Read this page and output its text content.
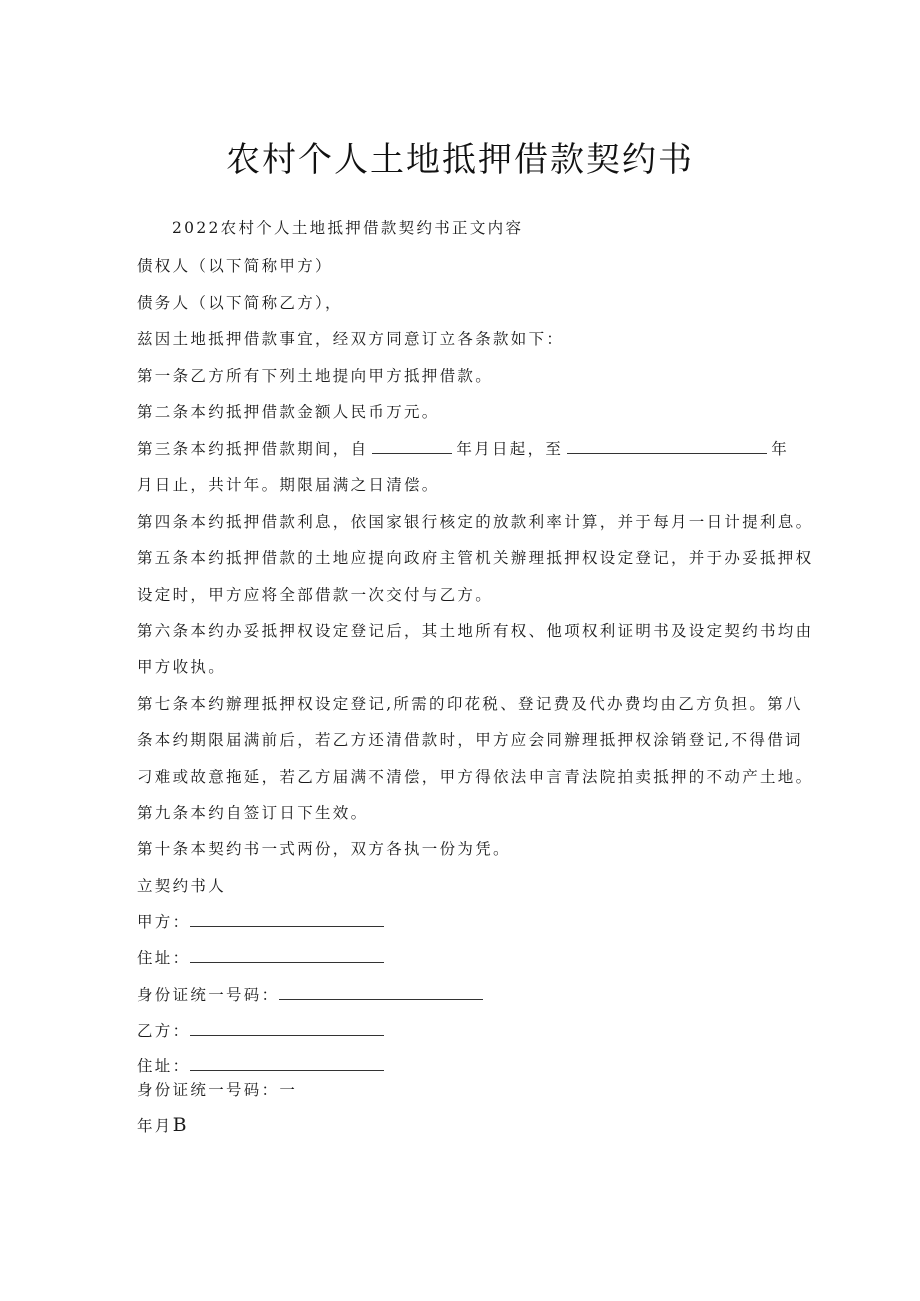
农村个人土地抵押借款契约书
2022农村个人土地抵押借款契约书正文内容
债权人（以下简称甲方）
债务人（以下简称乙方），
兹因土地抵押借款事宜，经双方同意订立各条款如下：
第一条乙方所有下列土地提向甲方抵押借款。
第二条本约抵押借款金额人民币万元。
第三条本约抵押借款期间，自	年月日起，至	年
月日止，共计年。期限届满之日清偿。
第四条本约抵押借款利息，依国家银行核定的放款利率计算，并于每月一日计提利息。
第五条本约抵押借款的土地应提向政府主管机关辦理抵押权设定登记，并于办妥抵押权
设定时，甲方应将全部借款一次交付与乙方。
第六条本约办妥抵押权设定登记后，其土地所有权、他项权利证明书及设定契约书均由
甲方收执。
第七条本约辦理抵押权设定登记,所需的印花税、登记费及代办费均由乙方负担。第八
条本约期限届满前后，若乙方还清借款时，甲方应会同辦理抵押权涂销登记,不得借词
刁难或故意拖延，若乙方届满不清偿，甲方得依法申言青法院拍卖抵押的不动产土地。
第九条本约自签订日下生效。
第十条本契约书一式两份，双方各执一份为凭。
立契约书人
甲方：
住址：
身份证统一号码：
乙方：
住址：
身份证统一号码：一
年月B
